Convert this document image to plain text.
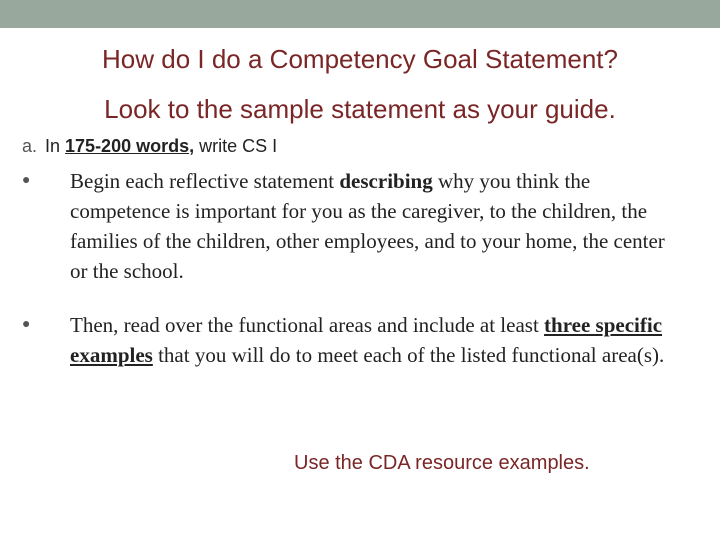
How do I do a Competency Goal Statement?
Look to the sample statement as your guide.
a. In 175-200 words, write CS I
●	Begin each reflective statement describing why you think the competence is important for you as the caregiver, to the children, the families of the children, other employees, and to your home, the center or the school.
●	Then, read over the functional areas and include at least three specific examples that you will do to meet each of the listed functional area(s).
Use the CDA resource examples.
